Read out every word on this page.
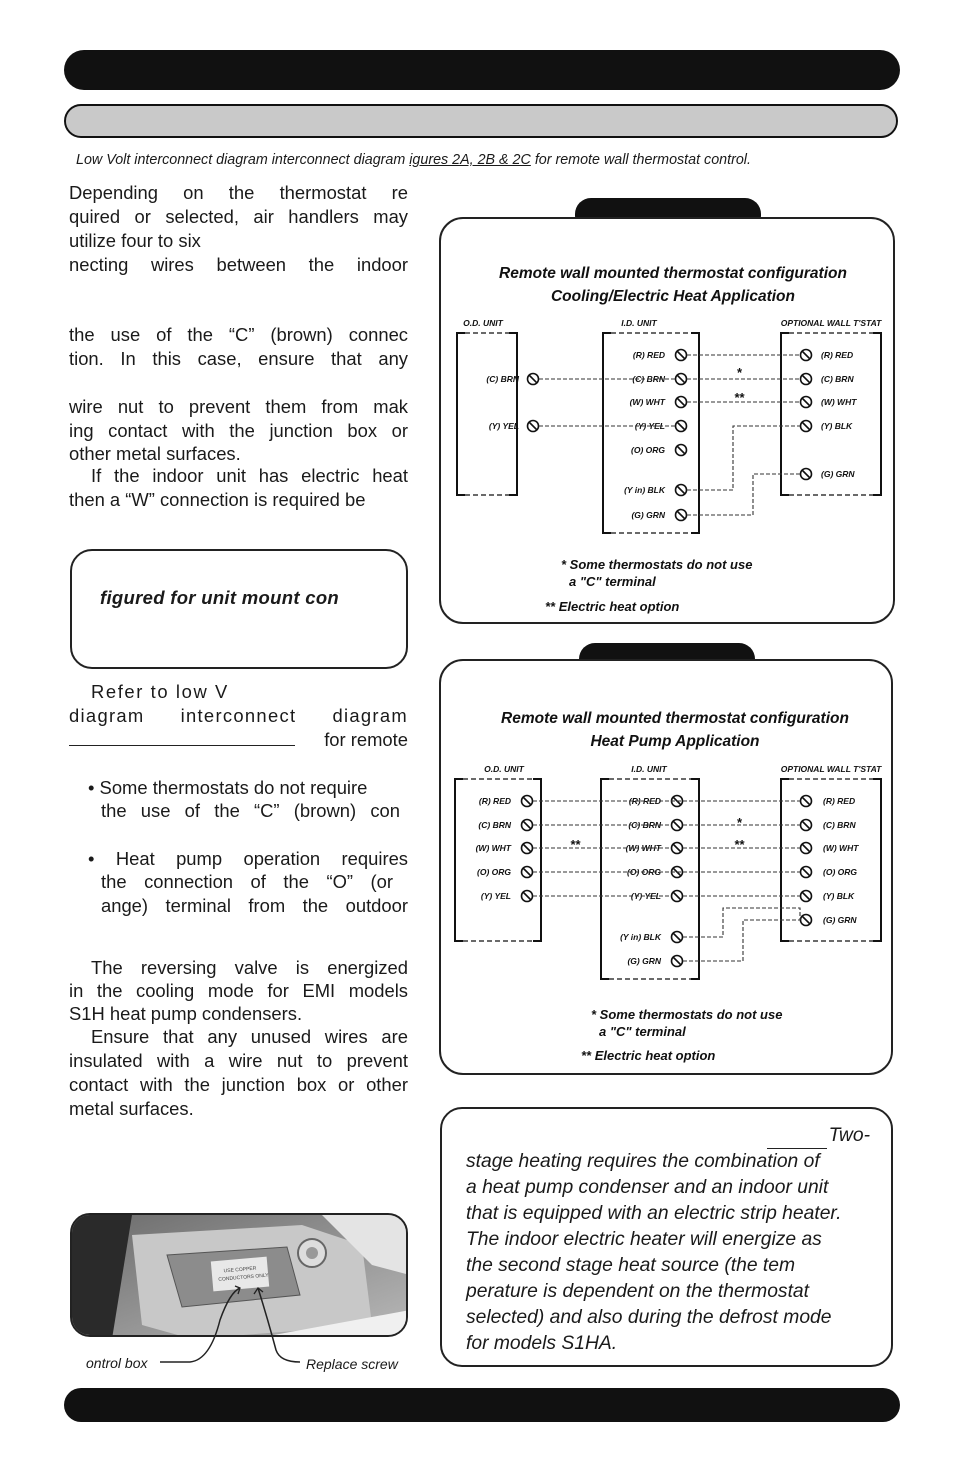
Low Volt interconnect diagram interconnect diagram igures 2A, 2B & 2C for remote wall thermostat control.

Depending on the thermostat re

quired or selected, air handlers may

utilize four to six

necting wires between the indoor

the use of the “C” (brown) connec

tion. In this case, ensure that any

wire nut to prevent them from mak

ing contact with the junction box or

other metal surfaces.

If the indoor unit has electric heat

then a “W” connection is required be

figured for unit mount con

Refer to low V

diagram interconnect diagram

for remote

• Some thermostats do not require

the use of the “C” (brown) con

• Heat pump operation requires

the connection of the “O” (or

ange) terminal from the outdoor

The reversing valve is energized

in the cooling mode for EMI models

S1H heat pump condensers.

Ensure that any unused wires are

insulated with a wire nut to prevent

contact with the junction box or other

metal surfaces.

USE COPPER
CONDUCTORS ONLY
ontrol box	Replace screw
Remote wall mounted thermostat configuration
Cooling/Electric Heat Application
O.D. UNIT	I.D. UNIT	OPTIONAL WALL T'STAT
(R) RED
(C) BRN
(W) WHT
(Y) YEL
(O) ORG
(Y in) BLK
(G) GRN
(C) BRN
(Y) YEL
(R) RED
(C) BRN
(W) WHT
(Y) BLK
(G) GRN
*
**
* Some thermostats do not use
a "C" terminal
** Electric heat option
Remote wall mounted thermostat configuration
Heat Pump Application
O.D. UNIT	I.D. UNIT	OPTIONAL WALL T'STAT
(R) RED
(C) BRN
(W) WHT
(O) ORG
(Y) YEL
(R) RED
(C) BRN
(W) WHT
(O) ORG
(Y) YEL
(Y in) BLK
(G) GRN
(R) RED
(C) BRN
(W) WHT
(O) ORG
(Y) BLK
(G) GRN
*
**
**
* Some thermostats do not use
a "C" terminal
** Electric heat option

Two-
stage heating requires the combination of
a heat pump condenser and an indoor unit
that is equipped with an electric strip heater.
The indoor electric heater will energize as
the second stage heat source (the tem
perature is dependent on the thermostat
selected) and also during the defrost mode
for models S1HA.
